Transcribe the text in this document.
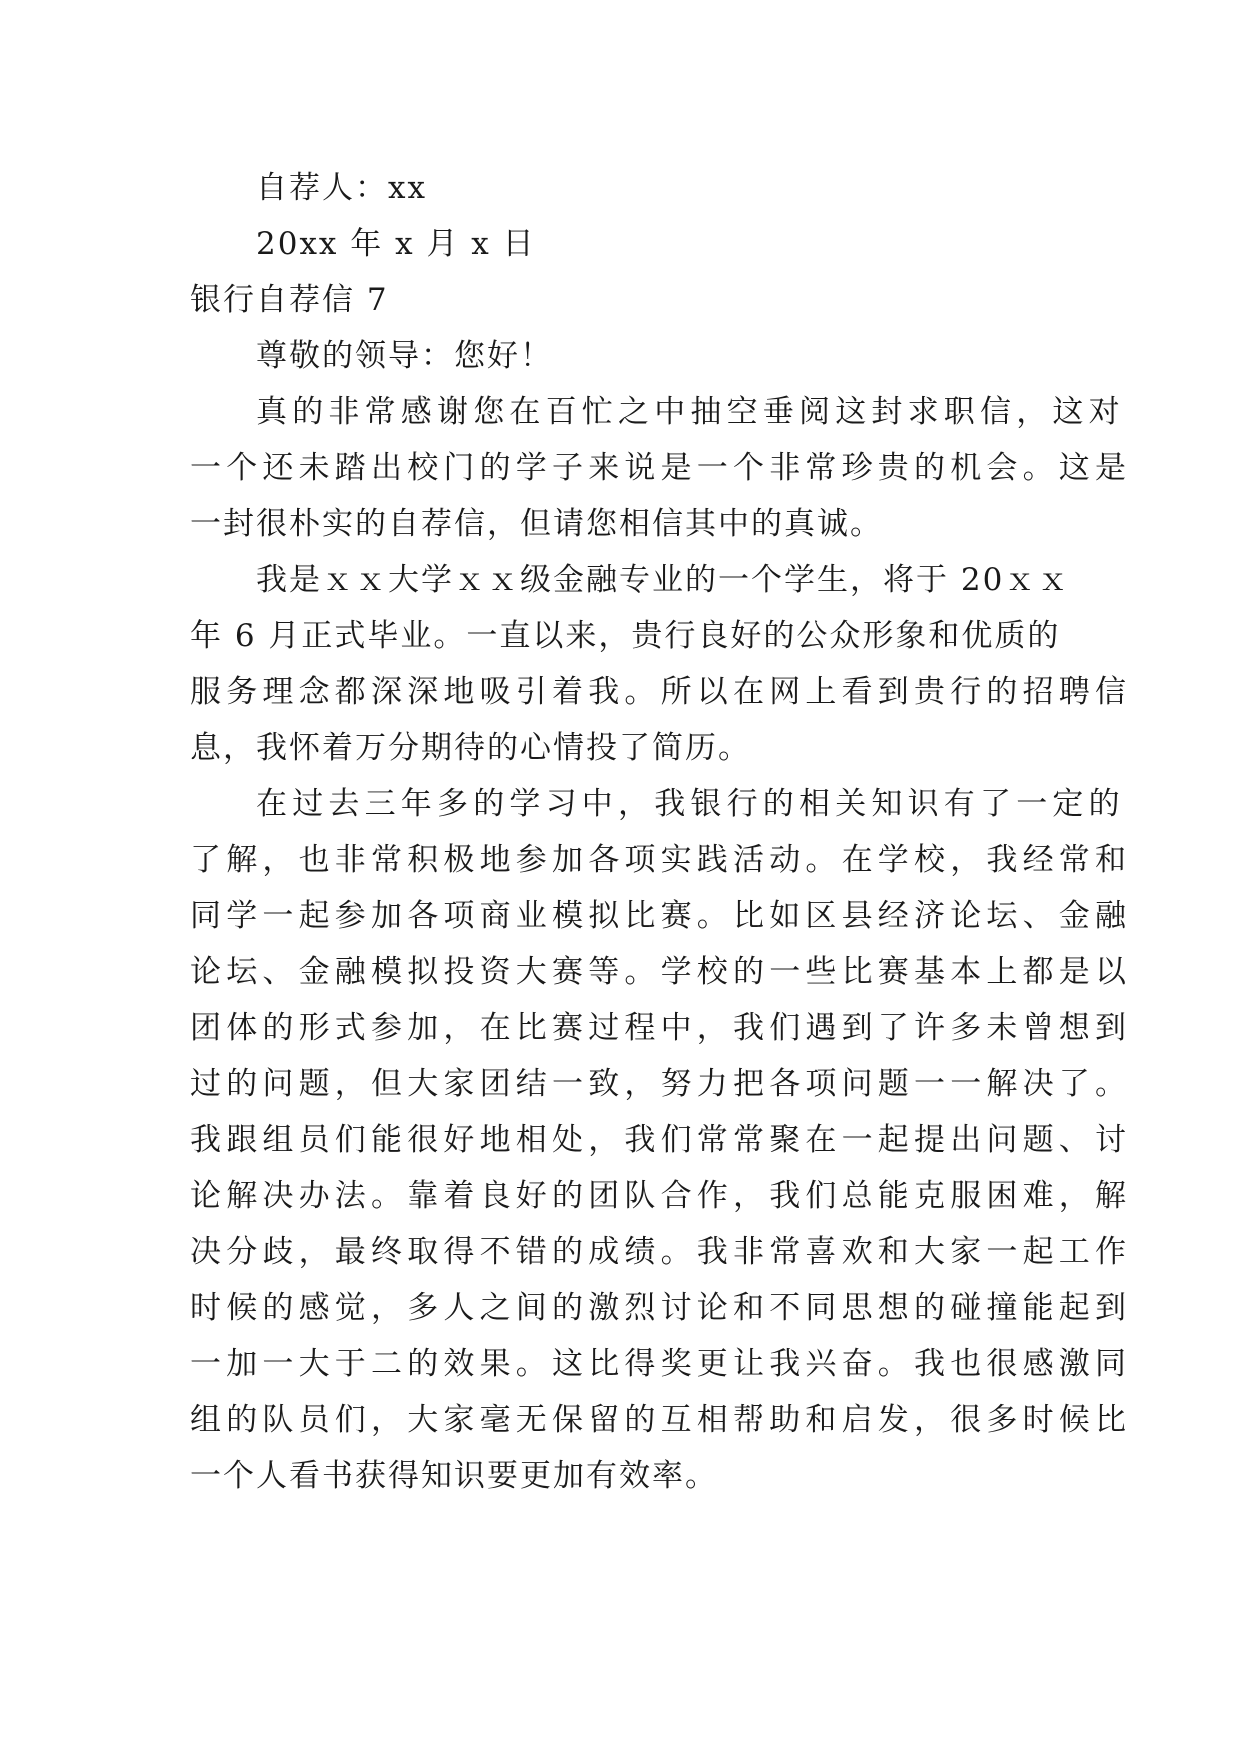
自荐人：xx

20xx 年 x 月 x 日

银行自荐信 7

尊敬的领导：您好！

真的非常感谢您在百忙之中抽空垂阅这封求职信，这对

一个还未踏出校门的学子来说是一个非常珍贵的机会。这是

一封很朴实的自荐信，但请您相信其中的真诚。

我是ｘｘ大学ｘｘ级金融专业的一个学生，将于 20ｘｘ

年 6 月正式毕业。一直以来，贵行良好的公众形象和优质的

服务理念都深深地吸引着我。所以在网上看到贵行的招聘信

息，我怀着万分期待的心情投了简历。

在过去三年多的学习中，我银行的相关知识有了一定的

了解，也非常积极地参加各项实践活动。在学校，我经常和

同学一起参加各项商业模拟比赛。比如区县经济论坛、金融

论坛、金融模拟投资大赛等。学校的一些比赛基本上都是以

团体的形式参加，在比赛过程中，我们遇到了许多未曾想到

过的问题，但大家团结一致，努力把各项问题一一解决了。

我跟组员们能很好地相处，我们常常聚在一起提出问题、讨

论解决办法。靠着良好的团队合作，我们总能克服困难，解

决分歧，最终取得不错的成绩。我非常喜欢和大家一起工作

时候的感觉，多人之间的激烈讨论和不同思想的碰撞能起到

一加一大于二的效果。这比得奖更让我兴奋。我也很感激同

组的队员们，大家毫无保留的互相帮助和启发，很多时候比

一个人看书获得知识要更加有效率。
